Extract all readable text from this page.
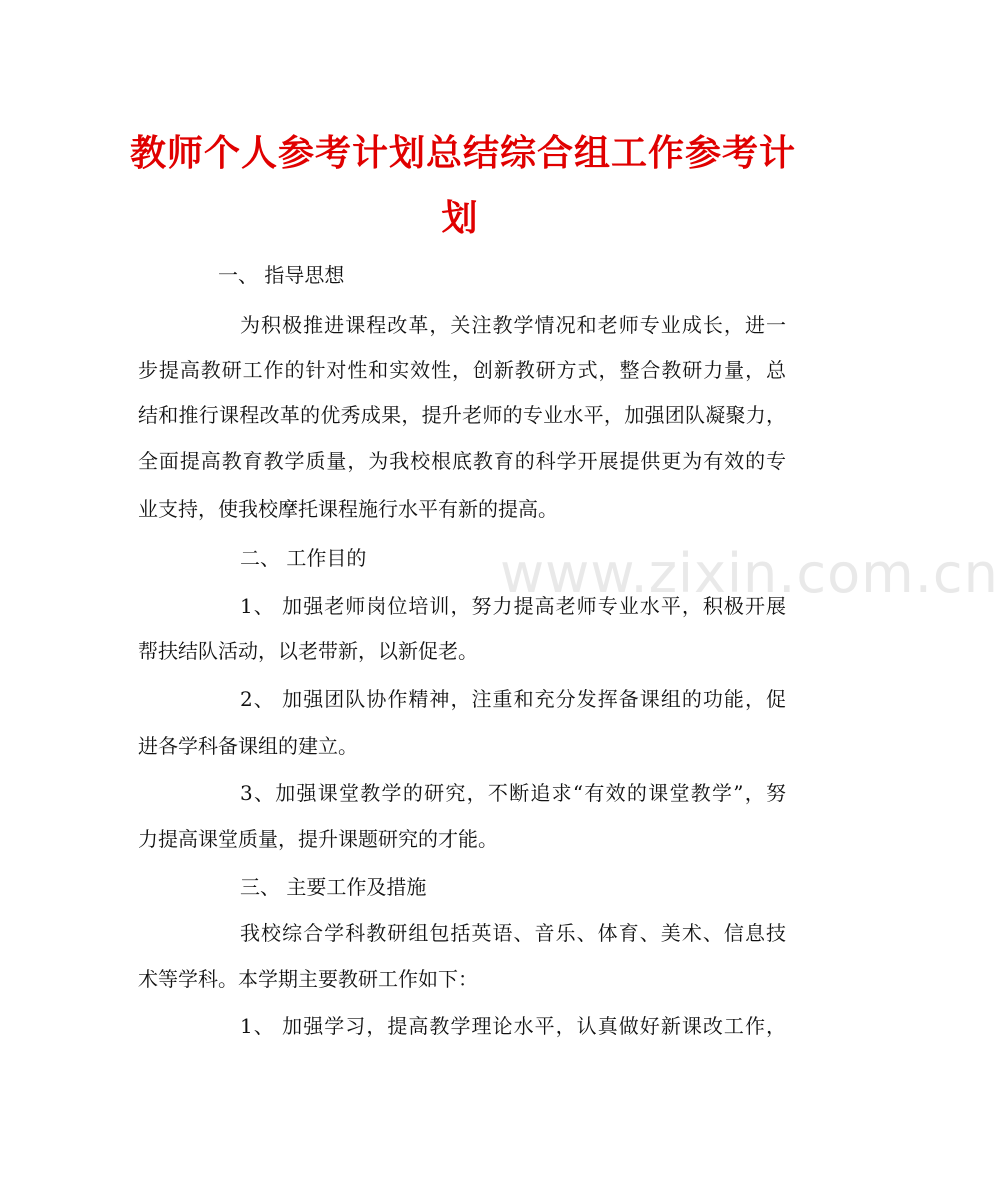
www.zixin.com.cn
教师个人参考计划总结综合组工作参考计
划
一、 指导思想
为积极推进课程改革，关注教学情况和老师专业成长，进一
步提高教研工作的针对性和实效性，创新教研方式，整合教研力量，总
结和推行课程改革的优秀成果，提升老师的专业水平，加强团队凝聚力，
全面提高教育教学质量，为我校根底教育的科学开展提供更为有效的专
业支持，使我校摩托课程施行水平有新的提高。
二、 工作目的
1、 加强老师岗位培训，努力提高老师专业水平，积极开展
帮扶结队活动，以老带新，以新促老。
2、 加强团队协作精神，注重和充分发挥备课组的功能，促
进各学科备课组的建立。
3、加强课堂教学的研究，不断追求“有效的课堂教学”，努
力提高课堂质量，提升课题研究的才能。
三、 主要工作及措施
我校综合学科教研组包括英语、音乐、体育、美术、信息技
术等学科。本学期主要教研工作如下：
1、 加强学习，提高教学理论水平，认真做好新课改工作，
